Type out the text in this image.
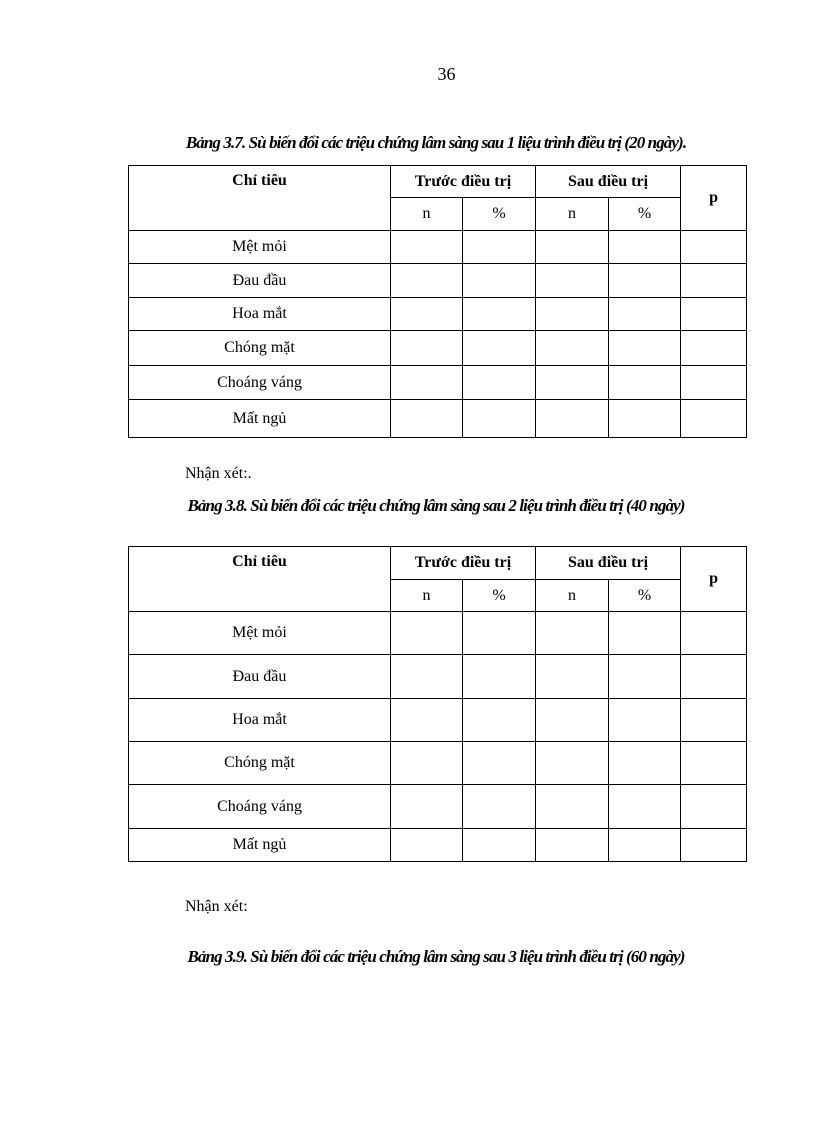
36
Bảng 3.7. Sù biến đổi các triệu chứng lâm sàng sau 1 liệu trình điều trị (20 ngày).
Chỉ tiêu	Trước điều trị		Sau điều trị		p
	n	%	n	%	
Mệt mỏi					
Đau đầu					
Hoa mắt					
Chóng mặt					
Choáng váng					
Mất ngủ					
Nhận xét:.
Bảng 3.8. Sù biến đổi các triệu chứng lâm sàng sau 2 liệu trình điều trị (40 ngày)
Chỉ tiêu	Trước điều trị		Sau điều trị		p
	n	%	n	%	
Mệt mỏi					
Đau đầu					
Hoa mắt					
Chóng mặt					
Choáng váng					
Mất ngủ					
Nhận xét:
Bảng 3.9. Sù biến đổi các triệu chứng lâm sàng sau 3 liệu trình điều trị (60 ngày)
